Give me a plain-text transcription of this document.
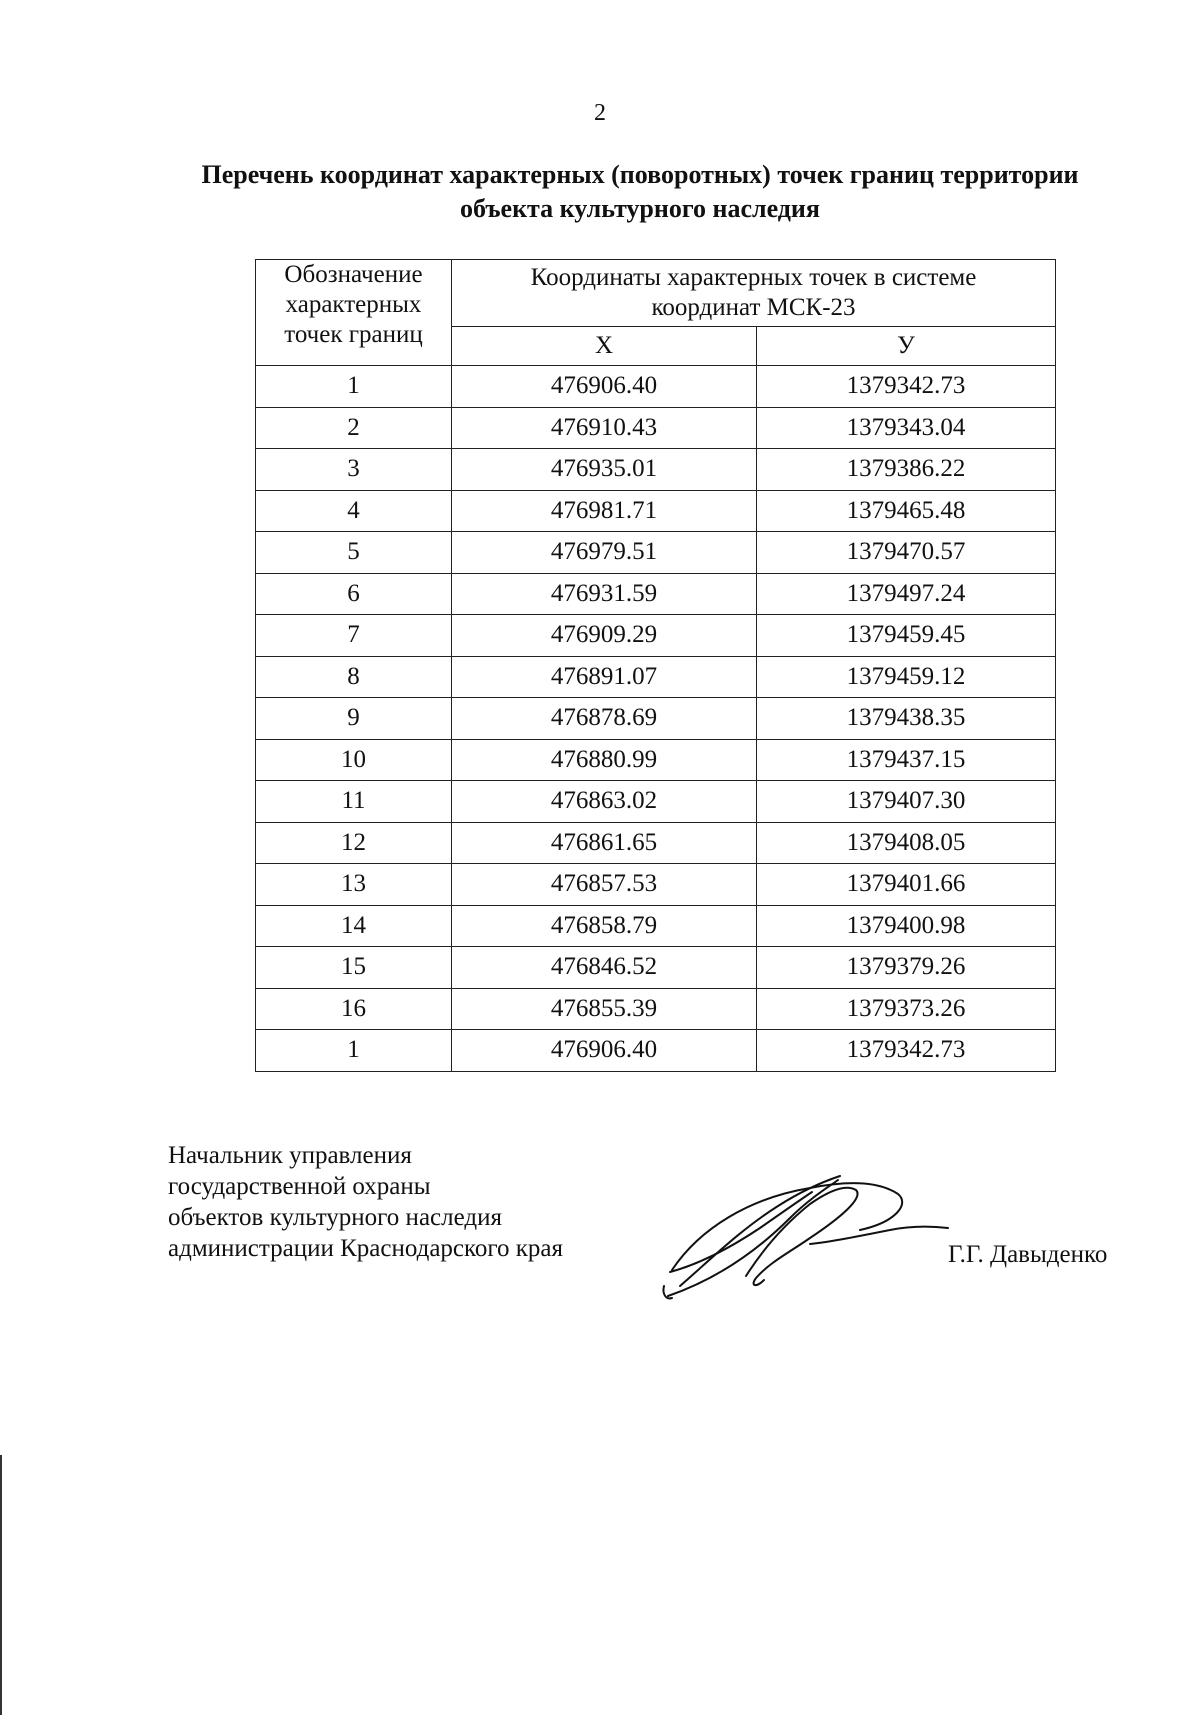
2
Перечень координат характерных (поворотных) точек границ территории
объекта культурного наследия
Обозначение
характерных
точек границ	Координаты характерных точек в системе
координат МСК-23	

	X	У
1	476906.40	1379342.73
2	476910.43	1379343.04
3	476935.01	1379386.22
4	476981.71	1379465.48
5	476979.51	1379470.57
6	476931.59	1379497.24
7	476909.29	1379459.45
8	476891.07	1379459.12
9	476878.69	1379438.35
10	476880.99	1379437.15
11	476863.02	1379407.30
12	476861.65	1379408.05
13	476857.53	1379401.66
14	476858.79	1379400.98
15	476846.52	1379379.26
16	476855.39	1379373.26
1	476906.40	1379342.73
Начальник управления
государственной охраны
объектов культурного наследия
администрации Краснодарского края	Г.Г. Давыденко
